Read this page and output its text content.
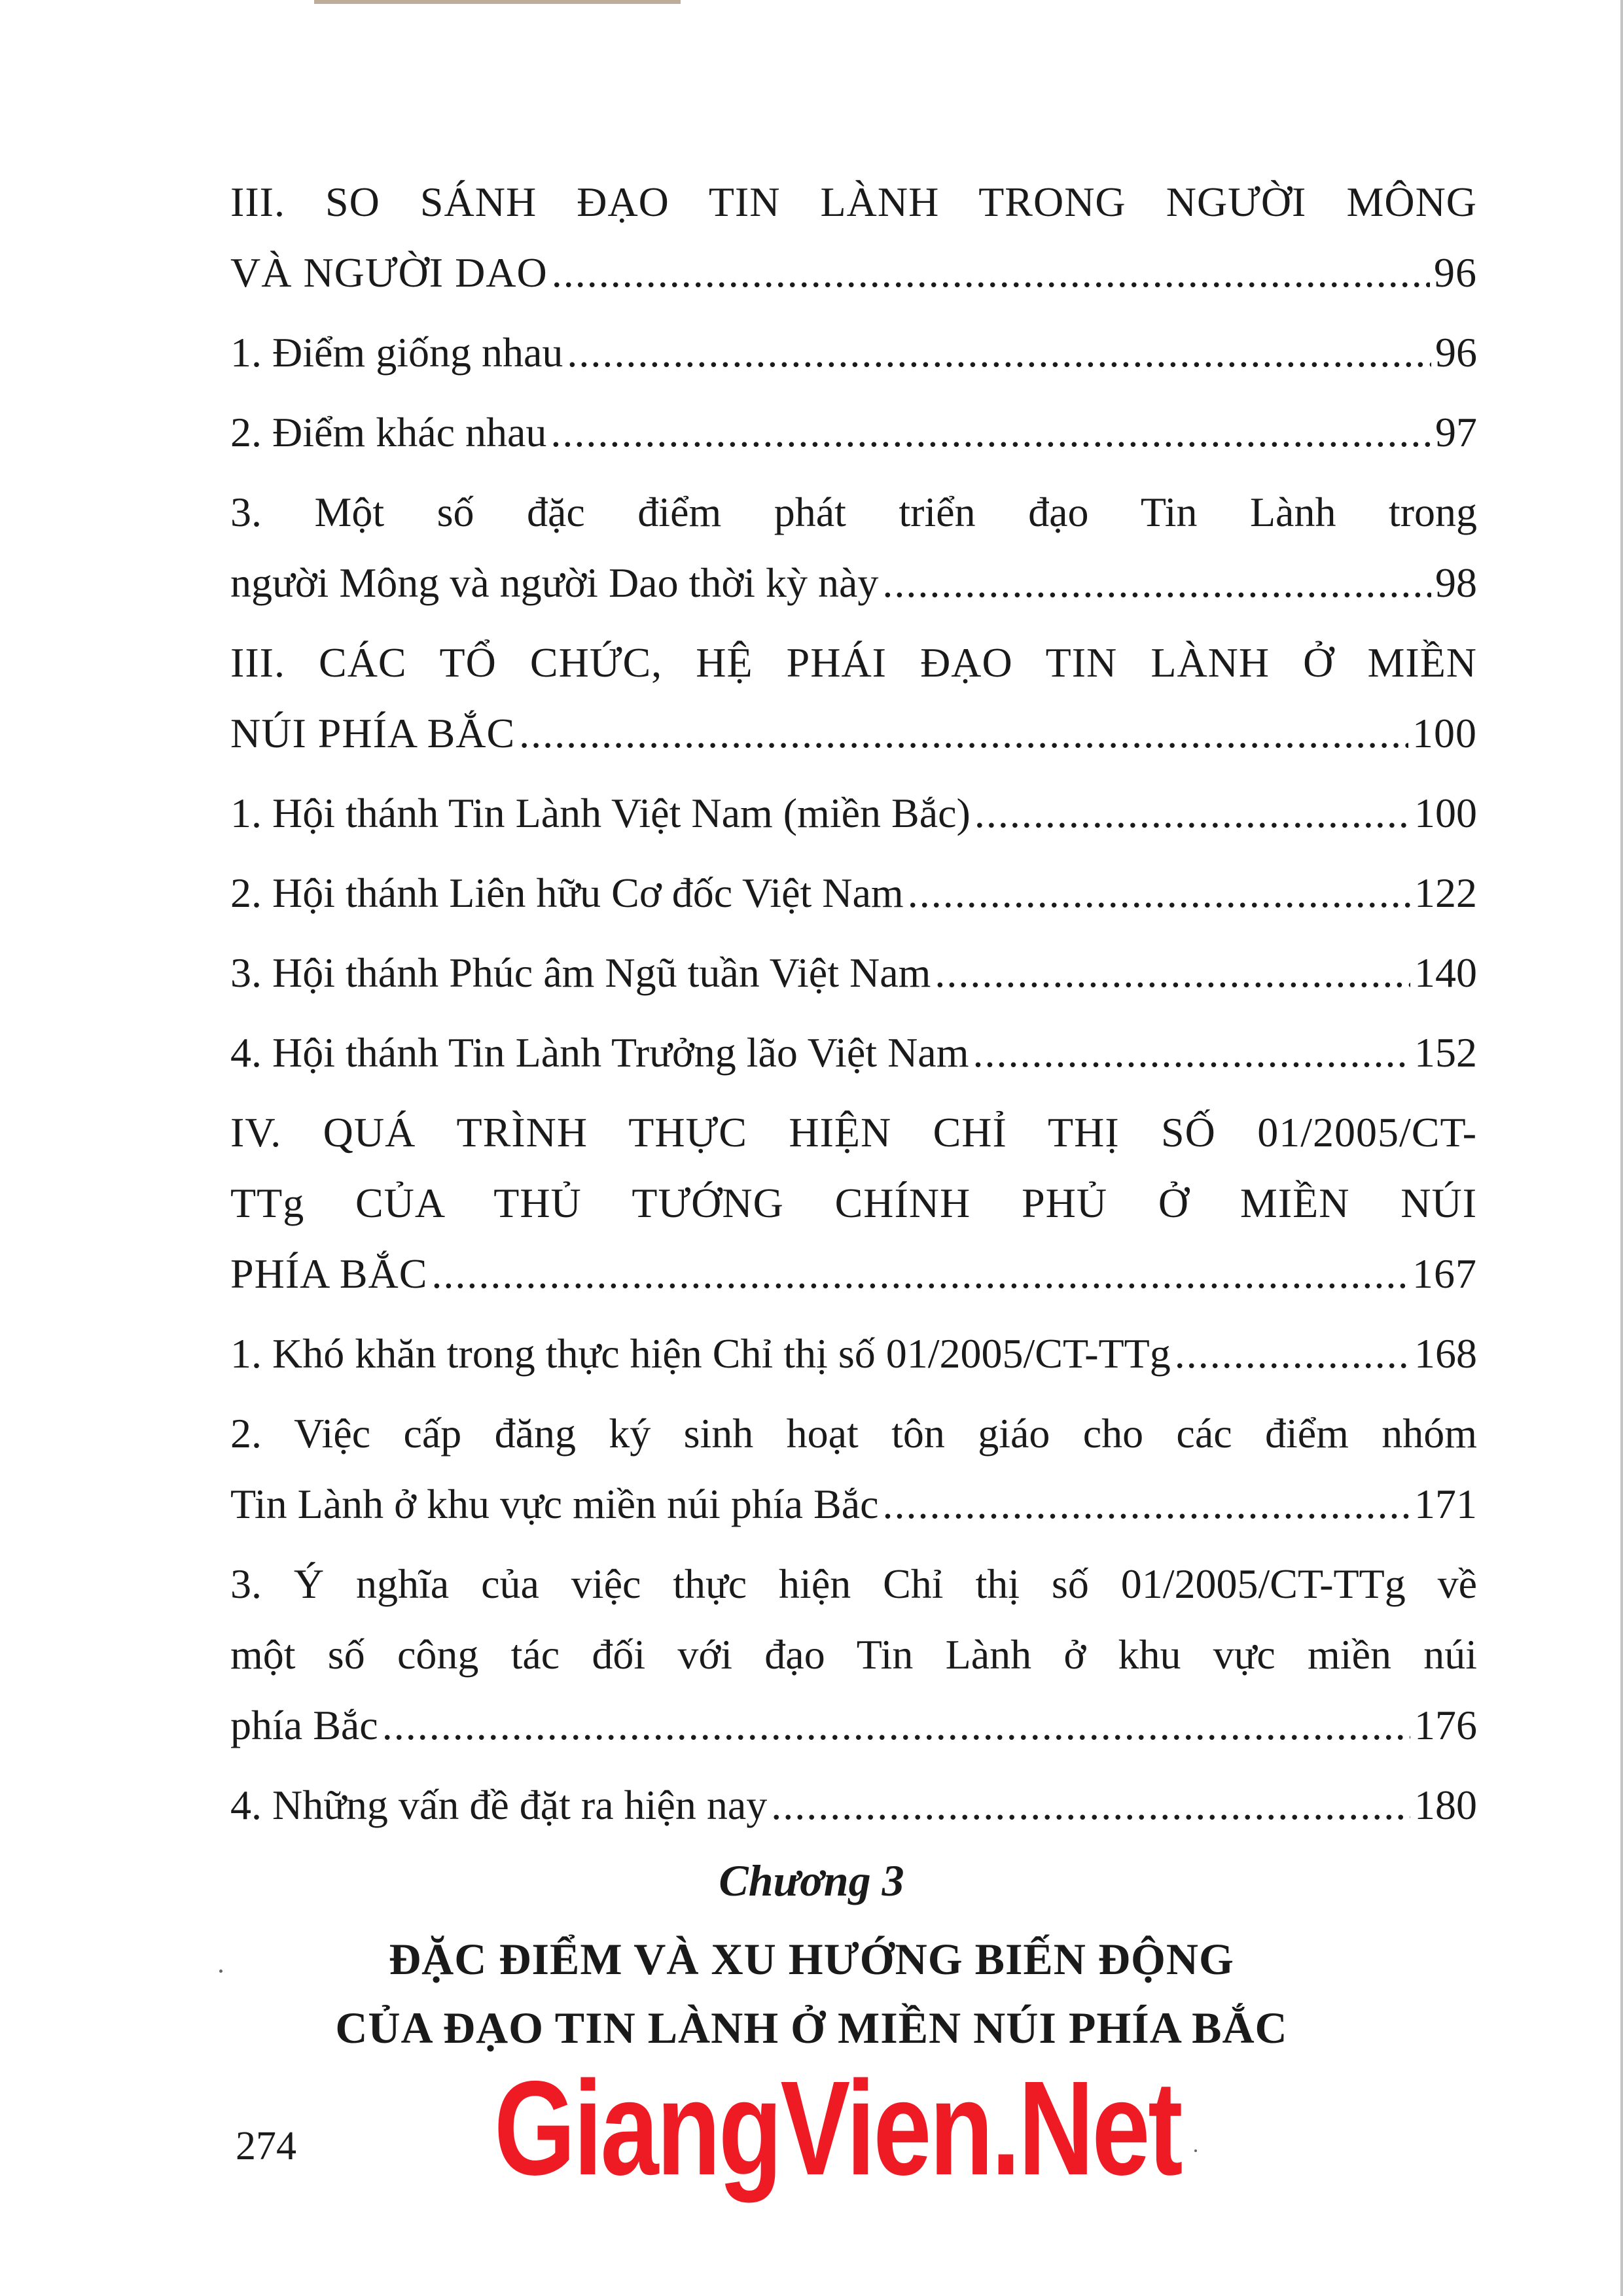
III. SO SÁNH ĐẠO TIN LÀNH TRONG NGƯỜI MÔNG
VÀ NGƯỜI DAO .....	96
1. Điểm giống nhau .....	96
2. Điểm khác nhau .....	97
3. Một số đặc điểm phát triển đạo Tin Lành trong
người Mông và người Dao thời kỳ này .....	98
III. CÁC TỔ CHỨC, HỆ PHÁI ĐẠO TIN LÀNH Ở MIỀN
NÚI PHÍA BẮC .....	100
1. Hội thánh Tin Lành Việt Nam (miền Bắc) .....	100
2. Hội thánh Liên hữu Cơ đốc Việt Nam .....	122
3. Hội thánh Phúc âm Ngũ tuần Việt Nam .....	140
4. Hội thánh Tin Lành Trưởng lão Việt Nam .....	152
IV. QUÁ TRÌNH THỰC HIỆN CHỈ THỊ SỐ 01/2005/CT-
TTg CỦA THỦ TƯỚNG CHÍNH PHỦ Ở MIỀN NÚI
PHÍA BẮC .....	167
1. Khó khăn trong thực hiện Chỉ thị số 01/2005/CT-TTg .....	168
2. Việc cấp đăng ký sinh hoạt tôn giáo cho các điểm nhóm
Tin Lành ở khu vực miền núi phía Bắc .....	171
3. Ý nghĩa của việc thực hiện Chỉ thị số 01/2005/CT-TTg về
một số công tác đối với đạo Tin Lành ở khu vực miền núi
phía Bắc .....	176
4. Những vấn đề đặt ra hiện nay .....	180
Chương 3
ĐẶC ĐIỂM VÀ XU HƯỚNG BIẾN ĐỘNG
CỦA ĐẠO TIN LÀNH Ở MIỀN NÚI PHÍA BẮC
274 GiangVien.Net
